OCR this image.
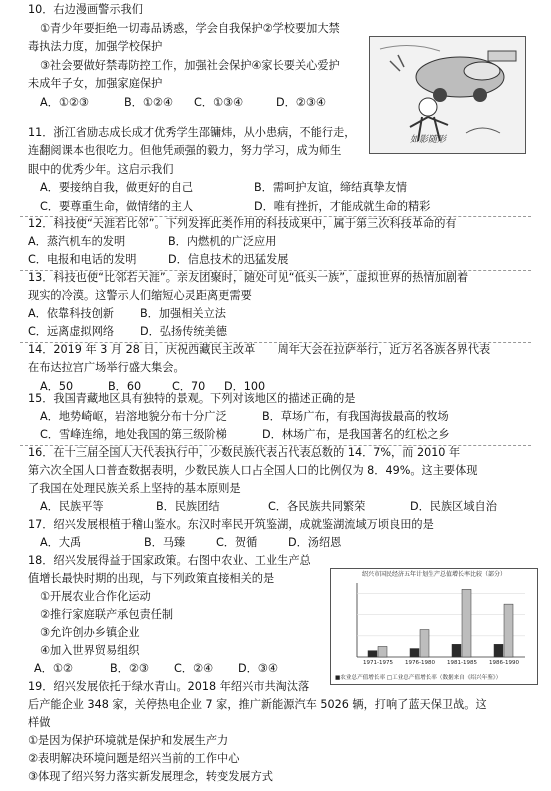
10．右边漫画警示我们
①青少年要拒绝一切毒品诱惑，学会自我保护②学校要加大禁
毒执法力度，加强学校保护
③社会要做好禁毒防控工作，加强社会保护④家长要关心爱护
未成年子女，加强家庭保护
A．①②③	B．①②④ C．①③④	D．②③④
如影随形
11．浙江省励志成长成才优秀学生邵镛炜，从小患病，不能行走，
连翻阅课本也很吃力。但他凭顽强的毅力，努力学习，成为师生
眼中的优秀少年。这启示我们
A．要接纳自我，做更好的自己	B．需呵护友谊，缔结真挚友情
C．要尊重生命，做情绪的主人	D．唯有挫折，才能成就生命的精彩
12．科技使“天涯若比邻”。下列发挥此类作用的科技成果中，属于第三次科技革命的有
A．蒸汽机车的发明	B．内燃机的广泛应用
C．电报和电话的发明	D．信息技术的迅猛发展
13．科技也使“比邻若天涯”。亲友团聚时，随处可见“低头一族”，虚拟世界的热情加剧着
现实的冷漠。这警示人们缩短心灵距离更需要
A．依靠科技创新 B．加强相关立法
C．远离虚拟网络 D．弘扬传统美德
14．2019 年 3 月 28 日，庆祝西藏民主改革　　周年大会在拉萨举行，近万名各族各界代表
在布达拉宫广场举行盛大集会。
A．50	B．60	C．70 D．100
15．我国青藏地区具有独特的景观。下列对该地区的描述正确的是
A．地势崎岖，岩溶地貌分布十分广泛	B．草场广布，有我国海拔最高的牧场
C．雪峰连绵，地处我国的第三级阶梯	D．林场广布，是我国著名的红松之乡
16．在十三届全国人大代表执行中，少数民族代表占代表总数的 14．7%，而 2010 年
第六次全国人口普查数据表明，少数民族人口占全国人口的比例仅为 8．49%。这主要体现
了我国在处理民族关系上坚持的基本原则是
A．民族平等	B．民族团结	C．各民族共同繁荣	D．民族区域自治
17．绍兴发展根植于稽山鉴水。东汉时率民开筑鉴湖，成就鉴湖流域万顷良田的是
A．大禹	B．马臻	C．贺循	D．汤绍恩
18．绍兴发展得益于国家政策。右图中农业、工业生产总
值增长最快时期的出现，与下列政策直接相关的是
①开展农业合作化运动
②推行家庭联产承包责任制
③允许创办乡镇企业
④加入世界贸易组织
A．①②	B．②③ C．②④ D．③④
绍兴市国民经济五年计划生产总值增长率比较（部分）
1971-1975 1976-1980 1981-1985 1986-1990
■农业总产值增长率 □工业总产值增长率（数据来自《绍兴年鉴》）
19．绍兴发展依托于绿水青山。2018 年绍兴市共淘汰落
后产能企业 348 家，关停热电企业 7 家，推广新能源汽车 5026 辆，打响了蓝天保卫战。这
样做
①是因为保护环境就是保护和发展生产力
②表明解决环境问题是绍兴当前的工作中心
③体现了绍兴努力落实新发展理念，转变发展方式
